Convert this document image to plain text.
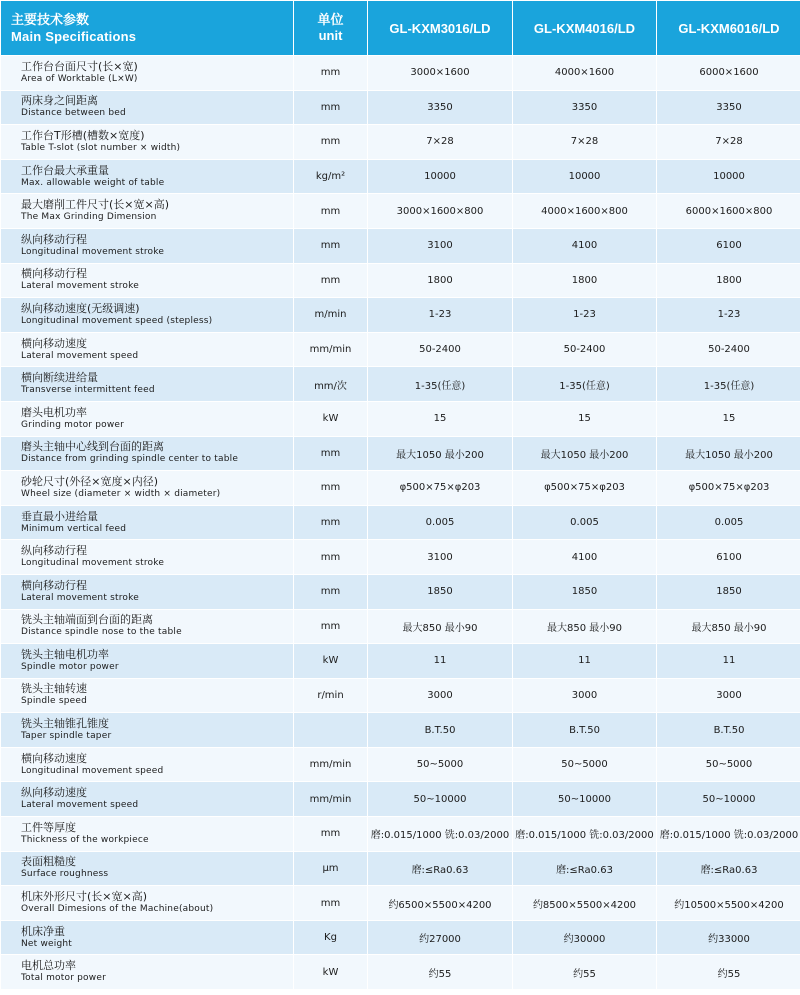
主要技术参数
Main Specifications	单位
unit	GL-KXM3016/LD	GL-KXM4016/LD	GL-KXM6016/LD

工作台台面尺寸(长×宽)
Area of Worktable (L×W)	mm	3000×1600	4000×1600	6000×1600

两床身之间距离
Distance between bed	mm	3350	3350	3350

工作台T形槽(槽数×宽度)
Table T-slot (slot number × width)	mm	7×28	7×28	7×28

工作台最大承重量
Max. allowable weight of table	kg/m²	10000	10000	10000

最大磨削工件尺寸(长×宽×高)
The Max Grinding Dimension	mm	3000×1600×800	4000×1600×800	6000×1600×800

纵向移动行程
Longitudinal movement stroke	mm	3100	4100	6100

横向移动行程
Lateral movement stroke	mm	1800	1800	1800

纵向移动速度(无级调速)
Longitudinal movement speed (stepless)	m/min	1-23	1-23	1-23

横向移动速度
Lateral movement speed	mm/min	50-2400	50-2400	50-2400

横向断续进给量
Transverse intermittent feed	mm/次	1-35(任意)	1-35(任意)	1-35(任意)

磨头电机功率
Grinding motor power	kW	15	15	15

磨头主轴中心线到台面的距离
Distance from grinding spindle center to table	mm	最大1050 最小200	最大1050 最小200	最大1050 最小200

砂轮尺寸(外径×宽度×内径)
Wheel size (diameter × width × diameter)	mm	φ500×75×φ203	φ500×75×φ203	φ500×75×φ203

垂直最小进给量
Minimum vertical feed	mm	0.005	0.005	0.005

纵向移动行程
Longitudinal movement stroke	mm	3100	4100	6100

横向移动行程
Lateral movement stroke	mm	1850	1850	1850

铣头主轴端面到台面的距离
Distance spindle nose to the table	mm	最大850 最小90	最大850 最小90	最大850 最小90

铣头主轴电机功率
Spindle motor power	kW	11	11	11

铣头主轴转速
Spindle speed	r/min	3000	3000	3000

铣头主轴锥孔锥度
Taper spindle taper		B.T.50	B.T.50	B.T.50

横向移动速度
Longitudinal movement speed	mm/min	50~5000	50~5000	50~5000

纵向移动速度
Lateral movement speed	mm/min	50~10000	50~10000	50~10000

工件等厚度
Thickness of the workpiece	mm	磨:0.015/1000 铣:0.03/2000	磨:0.015/1000 铣:0.03/2000	磨:0.015/1000 铣:0.03/2000

表面粗糙度
Surface roughness	μm	磨:≤Ra0.63	磨:≤Ra0.63	磨:≤Ra0.63

机床外形尺寸(长×宽×高)
Overall Dimesions of the Machine(about)	mm	约6500×5500×4200	约8500×5500×4200	约10500×5500×4200

机床净重
Net weight	Kg	约27000	约30000	约33000

电机总功率
Total motor power	kW	约55	约55	约55
